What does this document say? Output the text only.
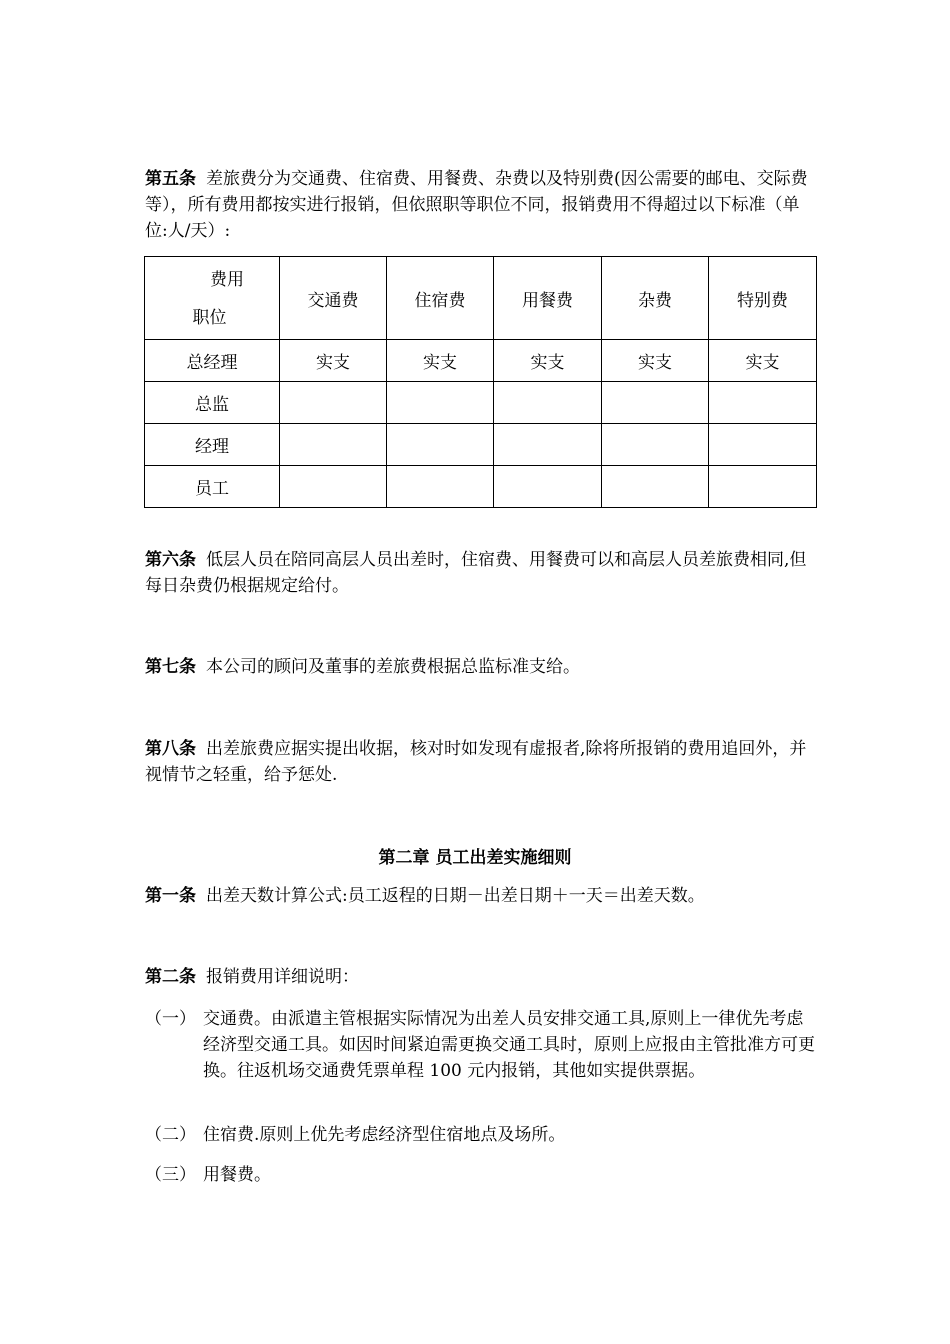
第五条 差旅费分为交通费、住宿费、用餐费、杂费以及特别费(因公需要的邮电、交际费等），所有费用都按实进行报销，但依照职等职位不同，报销费用不得超过以下标准（单位:人/天）:

费用
职位	交通费	住宿费	用餐费	杂费	特别费
总经理	实支	实支	实支	实支	实支
总监					
经理					
员工					

第六条 低层人员在陪同高层人员出差时，住宿费、用餐费可以和高层人员差旅费相同,但每日杂费仍根据规定给付。

第七条 本公司的顾问及董事的差旅费根据总监标准支给。

第八条 出差旅费应据实提出收据，核对时如发现有虚报者,除将所报销的费用追回外，并视情节之轻重，给予惩处.

第二章 员工出差实施细则

第一条 出差天数计算公式:员工返程的日期－出差日期＋一天＝出差天数。

第二条 报销费用详细说明：

（一） 交通费。由派遣主管根据实际情况为出差人员安排交通工具,原则上一律优先考虑经济型交通工具。如因时间紧迫需更换交通工具时，原则上应报由主管批准方可更换。往返机场交通费凭票单程 100 元内报销，其他如实提供票据。
（二） 住宿费.原则上优先考虑经济型住宿地点及场所。
（三） 用餐费。
